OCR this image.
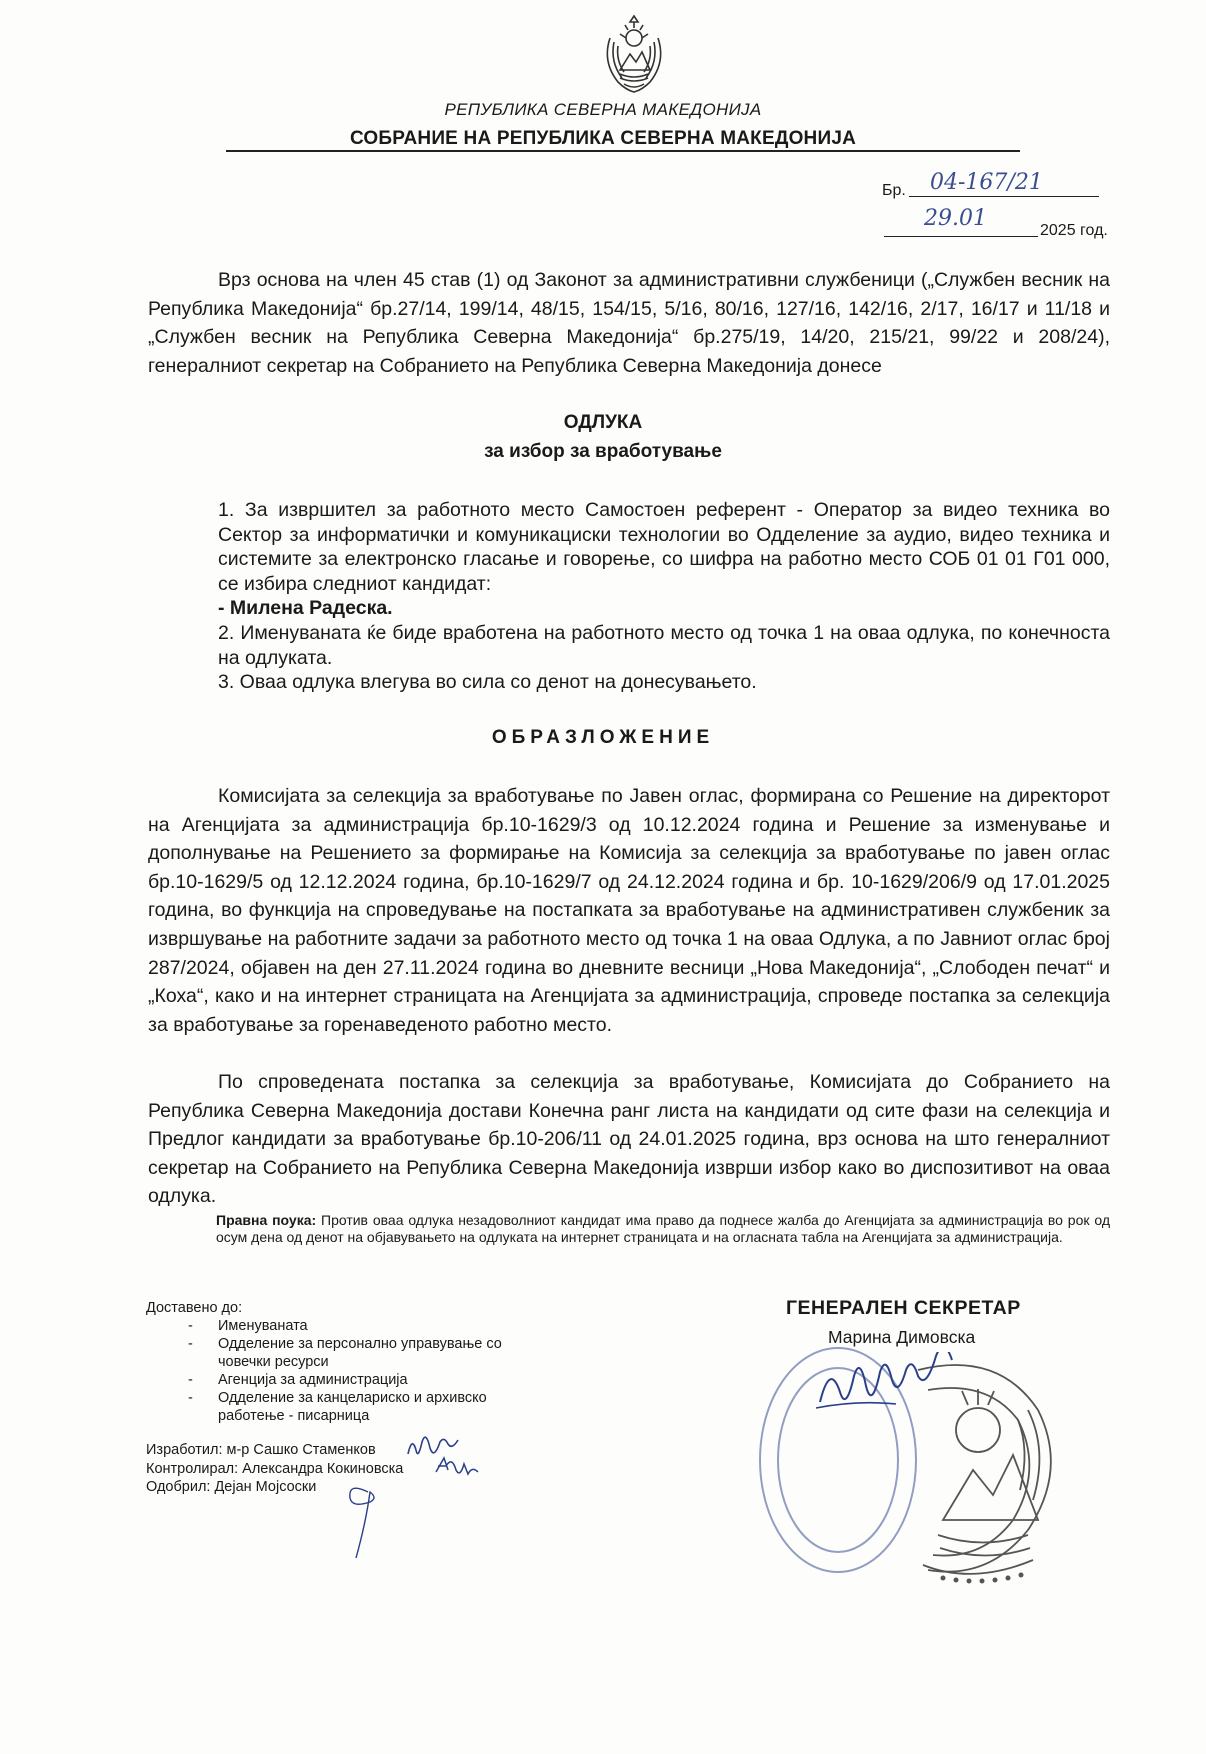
РЕПУБЛИКА СЕВЕРНА МАКЕДОНИЈА
СОБРАНИЕ НА РЕПУБЛИКА СЕВЕРНА МАКЕДОНИЈА
Бр. 04-167/21
29.01	2025 год.
Врз основа на член 45 став (1) од Законот за административни службеници („Службен весник на Република Македонија“ бр.27/14, 199/14, 48/15, 154/15, 5/16, 80/16, 127/16, 142/16, 2/17, 16/17 и 11/18 и „Службен весник на Република Северна Македонија“ бр.275/19, 14/20, 215/21, 99/22 и 208/24), генералниот секретар на Собранието на Република Северна Македонија донесе
ОДЛУКА
за избор за вработување

1. За извршител за работното место Самостоен референт - Оператор за видео техника во Сектор за информатички и комуникациски технологии во Одделение за аудио, видео техника и системите за електронско гласање и говорење, со шифра на работно место СОБ 01 01 Г01 000, се избира следниот кандидат:

- Милена Радеска.

2. Именуваната ќе биде вработена на работното место од точка 1 на оваа одлука, по конечноста на одлуката.

3. Оваа одлука влегува во сила со денот на донесувањето.

ОБРАЗЛОЖЕНИЕ
Комисијата за селекција за вработување по Јавен оглас, формирана со Решение на директорот на Агенцијата за администрација бр.10-1629/3 од 10.12.2024 година и Решение за изменување и дополнување на Решението за формирање на Комисија за селекција за вработување по јавен оглас бр.10-1629/5 од 12.12.2024 година, бр.10-1629/7 од 24.12.2024 година и бр. 10-1629/206/9 од 17.01.2025 година, во функција на спроведување на постапката за вработување на административен службеник за извршување на работните задачи за работното место од точка 1 на оваа Одлука, а по Јавниот оглас број 287/2024, објавен на ден 27.11.2024 година во дневните весници „Нова Македонија“, „Слободен печат“ и „Коха“, како и на интернет страницата на Агенцијата за администрација, спроведе постапка за селекција за вработување за горенаведеното работно место.
По спроведената постапка за селекција за вработување, Комисијата до Собранието на Република Северна Македонија достави Конечна ранг листа на кандидати од сите фази на селекција и Предлог кандидати за вработување бр.10-206/11 од 24.01.2025 година, врз основа на што генералниот секретар на Собранието на Република Северна Македонија изврши избор како во диспозитивот на оваа одлука.
Правна поука: Против оваа одлука незадоволниот кандидат има право да поднесе жалба до Агенцијата за администрација во рок од осум дена од денот на објавувањето на одлуката на интернет страницата и на огласната табла на Агенцијата за администрација.
Доставено до:
- Именуваната
- Одделение за персонално управување со човечки ресурси
- Агенција за администрација
- Одделение за канцелариско и архивско работење - писарница
Изработил: м-р Сашко Стаменков
Контролирал: Александра Кокиновска
Одобрил: Дејан Мојсоски
ГЕНЕРАЛЕН СЕКРЕТАР
Марина Димовска
